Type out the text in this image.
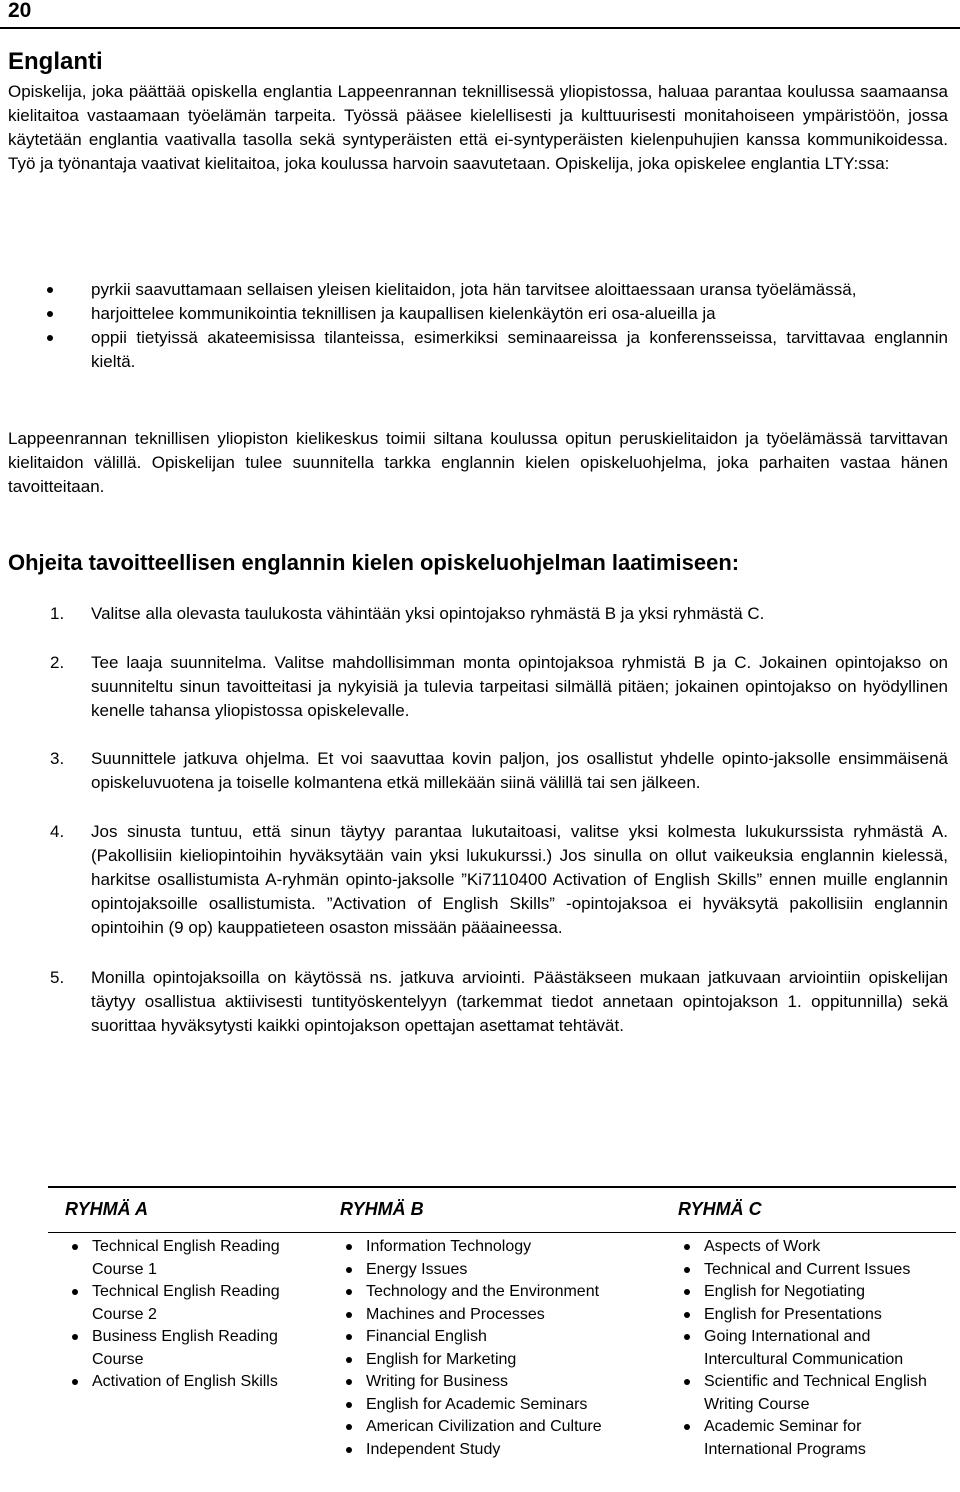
20
Englanti

Opiskelija, joka päättää opiskella englantia Lappeenrannan teknillisessä yliopistossa, haluaa parantaa koulussa saamaansa kielitaitoa vastaamaan työelämän tarpeita. Työssä pääsee kielellisesti ja kulttuurisesti monitahoiseen ympäristöön, jossa käytetään englantia vaativalla tasolla sekä syntyperäisten että ei-syntyperäisten kielenpuhujien kanssa kommunikoidessa. Työ ja työnantaja vaativat kielitaitoa, joka koulussa harvoin saavutetaan. Opiskelija, joka opiskelee englantia LTY:ssa:

pyrkii saavuttamaan sellaisen yleisen kielitaidon, jota hän tarvitsee aloittaessaan uransa työelämässä,
harjoittelee kommunikointia teknillisen ja kaupallisen kielenkäytön eri osa-alueilla ja
oppii tietyissä akateemisissa tilanteissa, esimerkiksi seminaareissa ja konferensseissa, tarvittavaa englannin kieltä.

Lappeenrannan teknillisen yliopiston kielikeskus toimii siltana koulussa opitun peruskielitaidon ja työelämässä tarvittavan kielitaidon välillä. Opiskelijan tulee suunnitella tarkka englannin kielen opiskeluohjelma, joka parhaiten vastaa hänen tavoitteitaan.

Ohjeita tavoitteellisen englannin kielen opiskeluohjelman laatimiseen:
1. Valitse alla olevasta taulukosta vähintään yksi opintojakso ryhmästä B ja yksi ryhmästä C.
2. Tee laaja suunnitelma. Valitse mahdollisimman monta opintojaksoa ryhmistä B ja C. Jokainen opintojakso on suunniteltu sinun tavoitteitasi ja nykyisiä ja tulevia tarpeitasi silmällä pitäen; jokainen opintojakso on hyödyllinen kenelle tahansa yliopistossa opiskelevalle.
3. Suunnittele jatkuva ohjelma. Et voi saavuttaa kovin paljon, jos osallistut yhdelle opinto-jaksolle ensimmäisenä opiskeluvuotena ja toiselle kolmantena etkä millekään siinä välillä tai sen jälkeen.
4. Jos sinusta tuntuu, että sinun täytyy parantaa lukutaitoasi, valitse yksi kolmesta lukukurssista ryhmästä A. (Pakollisiin kieliopintoihin hyväksytään vain yksi lukukurssi.) Jos sinulla on ollut vaikeuksia englannin kielessä, harkitse osallistumista A-ryhmän opinto-jaksolle ”Ki7110400 Activation of English Skills” ennen muille englannin opintojaksoille osallistumista. ”Activation of English Skills” -opintojaksoa ei hyväksytä pakollisiin englannin opintoihin (9 op) kauppatieteen osaston missään pääaineessa.
5. Monilla opintojaksoilla on käytössä ns. jatkuva arviointi. Päästäkseen mukaan jatkuvaan arviointiin opiskelijan täytyy osallistua aktiivisesti tuntityöskentelyyn (tarkemmat tiedot annetaan opintojakson 1. oppitunnilla) sekä suorittaa hyväksytysti kaikki opintojakson opettajan asettamat tehtävät.
RYHMÄ A	RYHMÄ B	RYHMÄ C
Technical English Reading Course 1
Technical English Reading Course 2
Business English Reading Course
Activation of English Skills
Information Technology
Energy Issues
Technology and the Environment
Machines and Processes
Financial English
English for Marketing
Writing for Business
English for Academic Seminars
American Civilization and Culture
Independent Study
Aspects of Work
Technical and Current Issues
English for Negotiating
English for Presentations
Going International and Intercultural Communication
Scientific and Technical English Writing Course
Academic Seminar for International Programs
